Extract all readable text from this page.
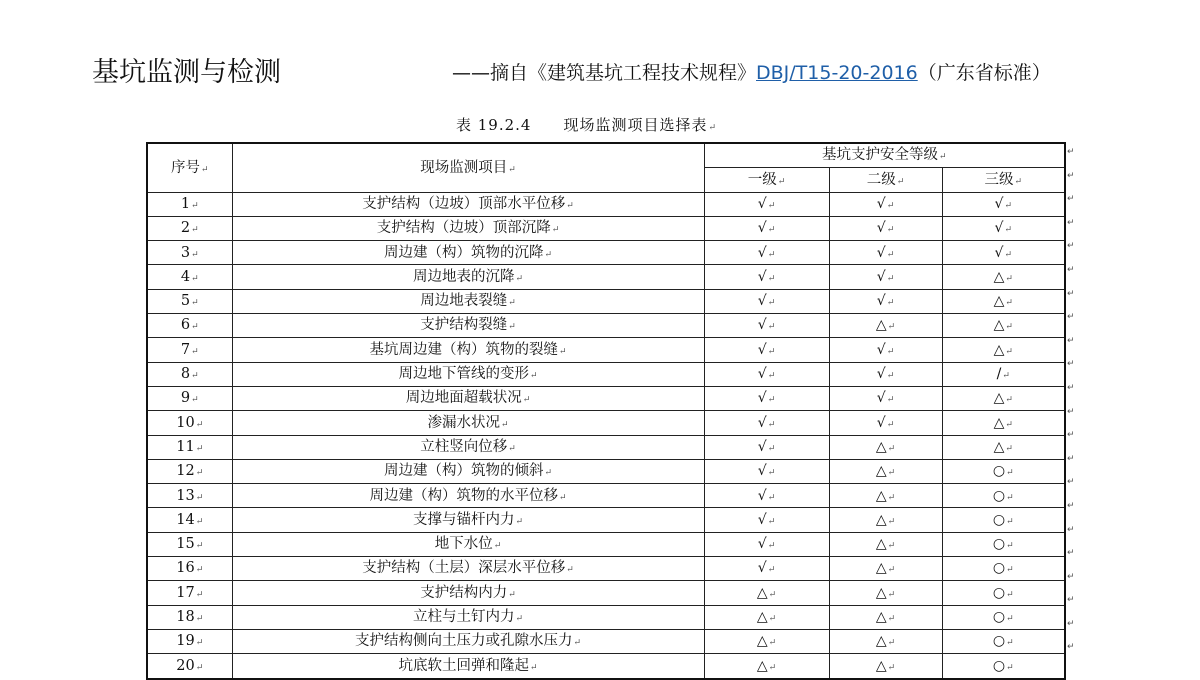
基坑监测与检测	——摘自《建筑基坑工程技术规程》DBJ/T15-20-2016（广东省标准）
表 19.2.4 现场监测项目选择表↵
序号↵	现场监测项目↵	基坑支护安全等级↵		
		一级↵	二级↵	三级↵
1↵	支护结构（边坡）顶部水平位移↵	√↵	√↵	√↵
2↵	支护结构（边坡）顶部沉降↵	√↵	√↵	√↵
3↵	周边建（构）筑物的沉降↵	√↵	√↵	√↵
4↵	周边地表的沉降↵	√↵	√↵	△↵
5↵	周边地表裂缝↵	√↵	√↵	△↵
6↵	支护结构裂缝↵	√↵	△↵	△↵
7↵	基坑周边建（构）筑物的裂缝↵	√↵	√↵	△↵
8↵	周边地下管线的变形↵	√↵	√↵	/↵
9↵	周边地面超载状况↵	√↵	√↵	△↵
10↵	渗漏水状况↵	√↵	√↵	△↵
11↵	立柱竖向位移↵	√↵	△↵	△↵
12↵	周边建（构）筑物的倾斜↵	√↵	△↵	○↵
13↵	周边建（构）筑物的水平位移↵	√↵	△↵	○↵
14↵	支撑与锚杆内力↵	√↵	△↵	○↵
15↵	地下水位↵	√↵	△↵	○↵
16↵	支护结构（土层）深层水平位移↵	√↵	△↵	○↵
17↵	支护结构内力↵	△↵	△↵	○↵
18↵	立柱与土钉内力↵	△↵	△↵	○↵
19↵	支护结构侧向土压力或孔隙水压力↵	△↵	△↵	○↵
20↵	坑底软土回弹和隆起↵	△↵	△↵	○↵
↵
↵
↵
↵
↵
↵
↵
↵
↵
↵
↵
↵
↵
↵
↵
↵
↵
↵
↵
↵
↵
↵
